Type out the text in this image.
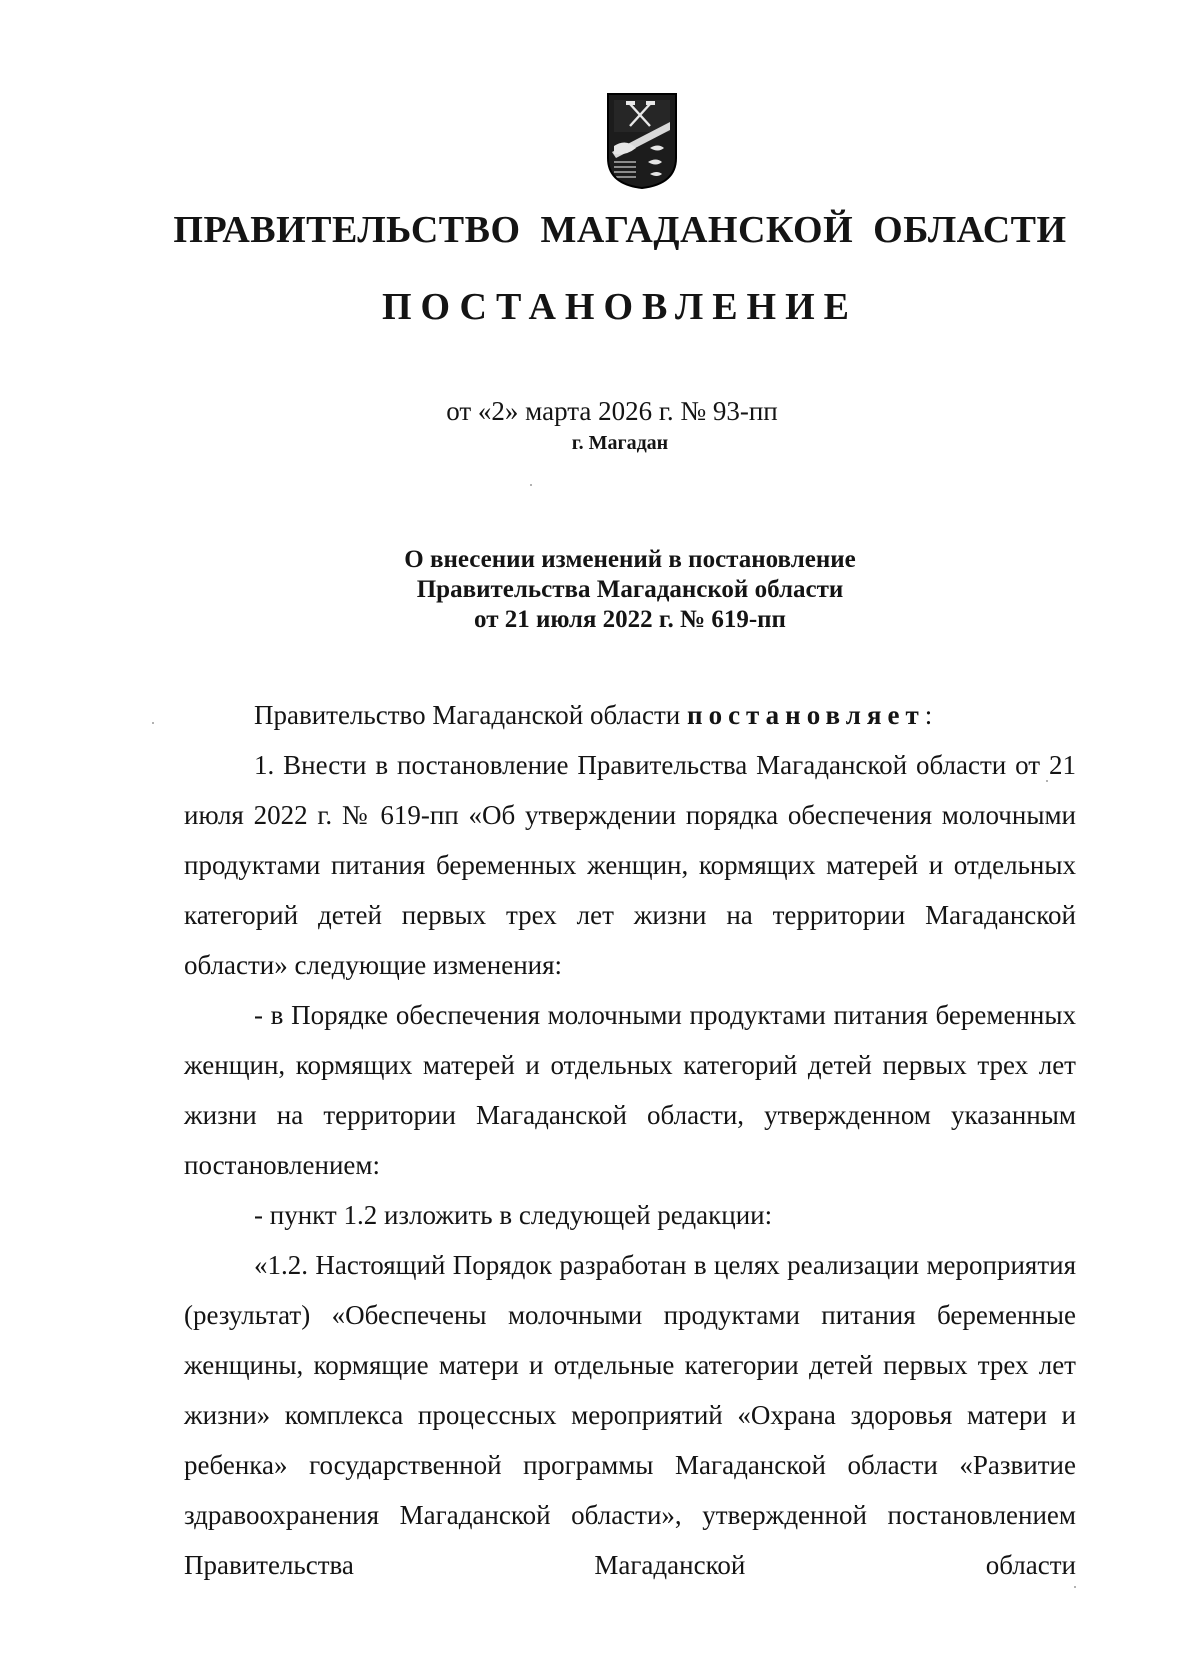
ПРАВИТЕЛЬСТВО МАГАДАНСКОЙ ОБЛАСТИ
ПОСТАНОВЛЕНИЕ
от «2» марта 2026 г. № 93-пп
г. Магадан
О внесении изменений в постановление
Правительства Магаданской области
от 21 июля 2022 г. № 619-пп
Правительство Магаданской области постановляет:
1. Внести в постановление Правительства Магаданской области от 21 июля 2022 г. № 619-пп «Об утверждении порядка обеспечения молочными продуктами питания беременных женщин, кормящих матерей и отдельных категорий детей первых трех лет жизни на территории Магаданской области» следующие изменения:
- в Порядке обеспечения молочными продуктами питания беременных женщин, кормящих матерей и отдельных категорий детей первых трех лет жизни на территории Магаданской области, утвержденном указанным постановлением:
- пункт 1.2 изложить в следующей редакции:
«1.2. Настоящий Порядок разработан в целях реализации мероприятия (результат) «Обеспечены молочными продуктами питания беременные женщины, кормящие матери и отдельные категории детей первых трех лет жизни» комплекса процессных мероприятий «Охрана здоровья матери и ребенка» государственной программы Магаданской области «Развитие здравоохранения Магаданской области», утвержденной постановлением Правительства Магаданской области
